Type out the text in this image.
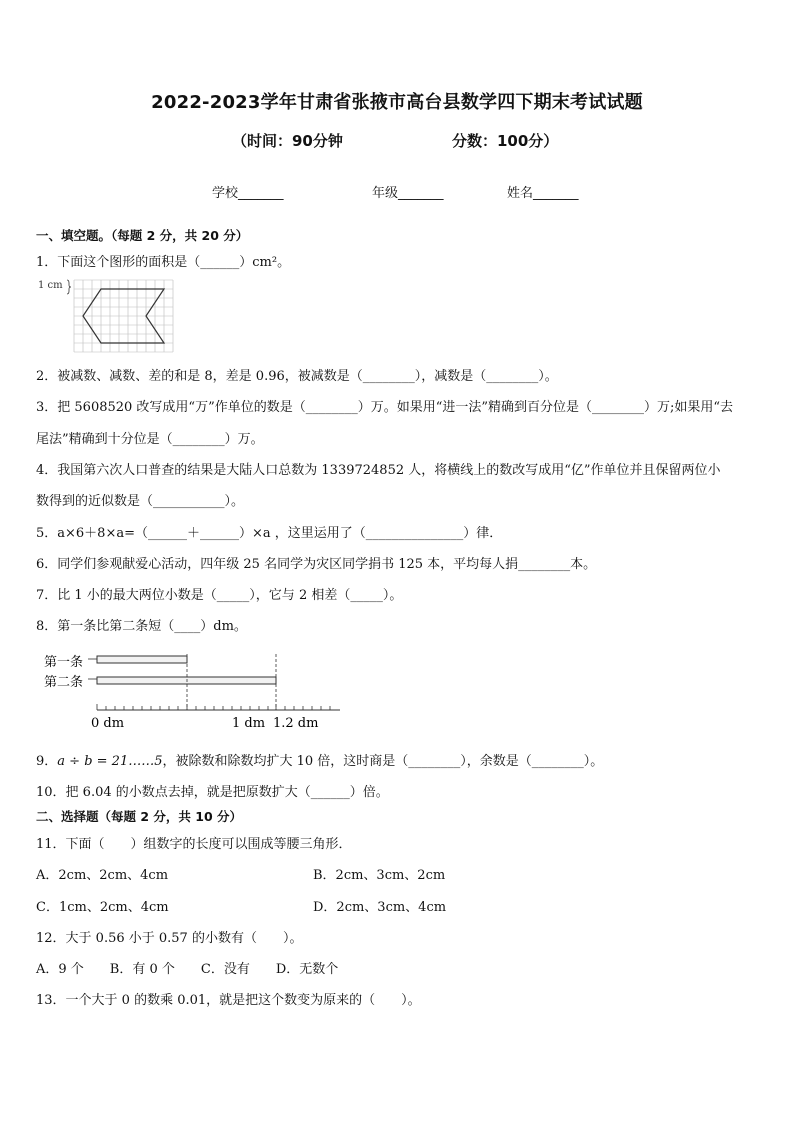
2022-2023学年甘肃省张掖市高台县数学四下期末考试试题
（时间：90分钟	分数：100分）
学校_______	年级_______	姓名_______
一、填空题。（每题 2 分，共 20 分）
1．下面这个图形的面积是（______）cm²。
1 cm
2．被减数、减数、差的和是 8，差是 0.96，被减数是（________），减数是（________）。
3．把 5608520 改写成用“万”作单位的数是（________）万。如果用“进一法”精确到百分位是（________）万;如果用“去
尾法”精确到十分位是（________）万。
4．我国第六次人口普查的结果是大陆人口总数为 1339724852 人，将横线上的数改写成用“亿”作单位并且保留两位小
数得到的近似数是（___________）。
5．a×6＋8×a=（______＋______）×a ，这里运用了（_______________）律．
6．同学们参观献爱心活动，四年级 25 名同学为灾区同学捐书 125 本，平均每人捐________本。
7．比 1 小的最大两位小数是（_____），它与 2 相差（_____）。
8．第一条比第二条短（____）dm。
第一条
第二条
0 dm	1 dm 1.2 dm
9．a ÷ b = 21……5，被除数和除数均扩大 10 倍，这时商是（________），余数是（________）。
10．把 6.04 的小数点去掉，就是把原数扩大（______）倍。
二、选择题（每题 2 分，共 10 分）
11．下面（　　）组数字的长度可以围成等腰三角形．
A．2cm、2cm、4cm	B．2cm、3cm、2cm
C．1cm、2cm、4cm	D．2cm、3cm、4cm
12．大于 0.56 小于 0.57 的小数有（　　）。
A．9 个　　B．有 0 个　　C．没有　　D．无数个
13．一个大于 0 的数乘 0.01，就是把这个数变为原来的（　　）。
